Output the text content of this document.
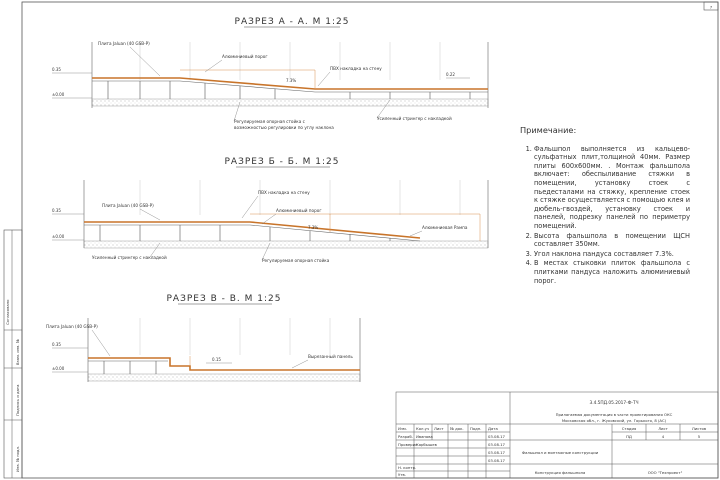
7
Согласовано
Взам. инв. №
Подпись и дата
Инв. № подл.
РАЗРЕЗ А - А. М 1:25
0.35
±0.00
7.3%
0.22
Плита Jaluan (40 GSB-P)
Алюминиевый порог
ПВХ накладка на стену
Регулируемая опорная стойка с
возможностью регулировки по углу наклона
Усиленный стрингер с накладкой
РАЗРЕЗ Б - Б. М 1:25
0.35
±0.00
7.3%
ПВХ накладка на стену
Плита Jaluan (40 GSB-P)
Алюминиевый порог
Алюминиевая Рампа
Усиленный стрингер с накладкой
Регулируемая опорная стойка
РАЗРЕЗ В - В. М 1:25
0.35
±0.00
0.15
Плита Jaluan (40 GSB-P)
Вырезанный панель
3.4.5ПД.05.2017-Ф-ТЧ
Прилагаемая документация в части проектирования ОКС
Московская обл., г. Жуковский, ул. Горького, 8 (АС)
Изм. Кол.уч Лист № док. Подп. Дата
Разраб. Иванова	03.08.17
Проверил
Карбышев	03.08.17
03.08.17
03.08.17
Н. контр.
Утв.
Фальшпол и монтажные конструкции
Конструкция фальшпола	ООО "Техпроект"
Стадия	Лист	Листов
ПД	4	5
Примечание:
1. Фальшпол выполняется из кальцево-сульфатных плит,толщиной 40мм. Размер плиты 600х600мм. . Монтаж фальшпола включает: обеспыливание стяжки в помещении, установку стоек с пьедесталами на стяжку, крепление стоек к стяжке осуществляется с помощью клея и дюбель-гвоздей, установку стоек и панелей, подрезку панелей по периметру помещений.
2. Высота фальшпола в помещении ЩСН составляет 350мм.
3. Угол наклона пандуса составляет 7.3%.
4. В местах стыковки плиток фальшпола с плитками пандуса наложить алюминиевый порог.
